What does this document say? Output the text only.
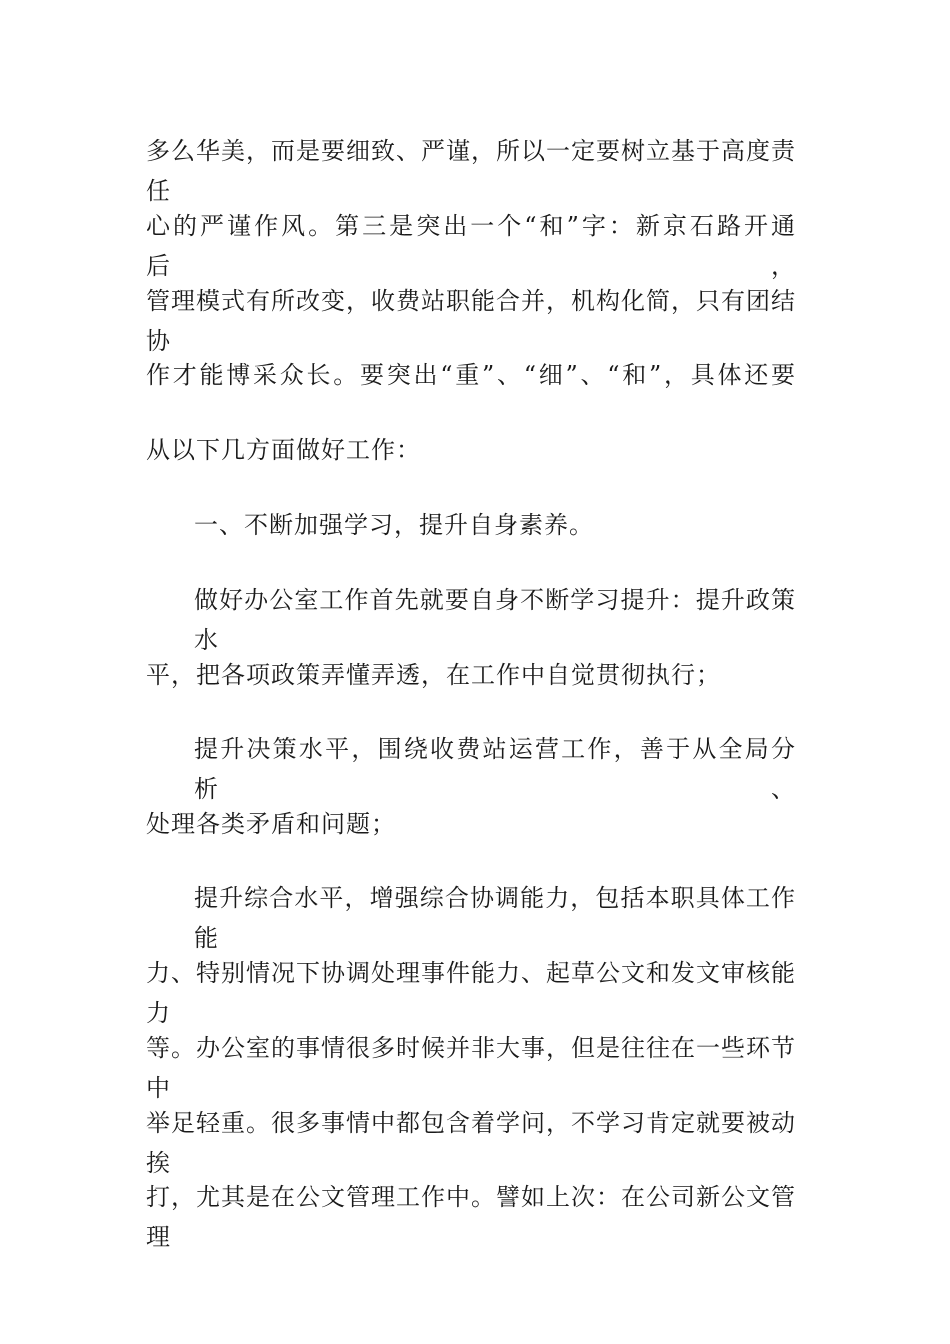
多么华美，而是要细致、严谨，所以一定要树立基于高度责任
心的严谨作风。第三是突出一个“和”字：新京石路开通后，
管理模式有所改变，收费站职能合并，机构化简，只有团结协
作才能博采众长。要突出“重”、“细”、“和”，具体还要
从以下几方面做好工作：
一、不断加强学习，提升自身素养。
做好办公室工作首先就要自身不断学习提升：提升政策水
平，把各项政策弄懂弄透，在工作中自觉贯彻执行；
提升决策水平，围绕收费站运营工作，善于从全局分析、
处理各类矛盾和问题；
提升综合水平，增强综合协调能力，包括本职具体工作能
力、特别情况下协调处理事件能力、起草公文和发文审核能力
等。办公室的事情很多时候并非大事，但是往往在一些环节中
举足轻重。很多事情中都包含着学问，不学习肯定就要被动挨
打，尤其是在公文管理工作中。譬如上次：在公司新公文管理
